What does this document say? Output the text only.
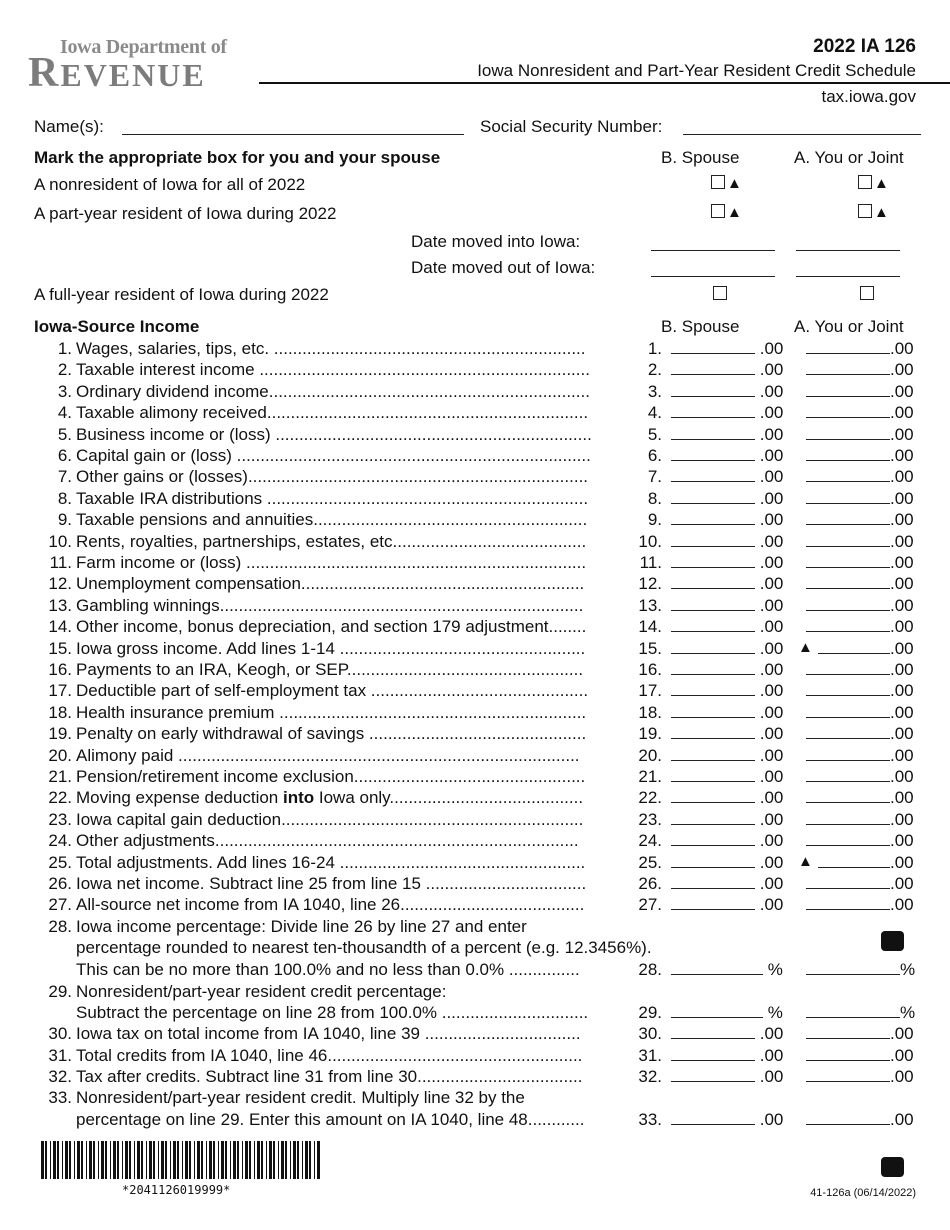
Iowa Department of
REVENUE
2022 IA 126
Iowa Nonresident and Part-Year Resident Credit Schedule
tax.iowa.gov
Name(s):	Social Security Number:
Mark the appropriate box for you and your spouse	B. Spouse	A. You or Joint
A nonresident of Iowa for all of 2022	▲	▲
A part-year resident of Iowa during 2022	▲	▲
Date moved into Iowa:
Date moved out of Iowa:
A full-year resident of Iowa during 2022
Iowa-Source Income	B. Spouse	A. You or Joint
1. Wages, salaries, tips, etc. ..................................................................	1.	.00	.00
2. Taxable interest income ......................................................................	2.	.00	.00
3. Ordinary dividend income....................................................................	3.	.00	.00
4. Taxable alimony received....................................................................	4.	.00	.00
5. Business income or (loss) ...................................................................	5.	.00	.00
6. Capital gain or (loss) ...........................................................................	6.	.00	.00
7. Other gains or (losses)........................................................................	7.	.00	.00
8. Taxable IRA distributions ....................................................................	8.	.00	.00
9. Taxable pensions and annuities..........................................................	9.	.00	.00
10. Rents, royalties, partnerships, estates, etc.........................................	10.	.00	.00
11. Farm income or (loss) ........................................................................	11.	.00	.00
12. Unemployment compensation............................................................	12.	.00	.00
13. Gambling winnings.............................................................................	13.	.00	.00
14. Other income, bonus depreciation, and section 179 adjustment........	14.	.00	.00
15. Iowa gross income. Add lines 1-14 ....................................................	15.	.00	.00
▲
16. Payments to an IRA, Keogh, or SEP..................................................	16.	.00	.00
17. Deductible part of self-employment tax ..............................................	17.	.00	.00
18. Health insurance premium .................................................................	18.	.00	.00
19. Penalty on early withdrawal of savings ..............................................	19.	.00	.00
20. Alimony paid .....................................................................................	20.	.00	.00
21. Pension/retirement income exclusion.................................................	21.	.00	.00
22. Moving expense deduction into Iowa only.........................................	22.	.00	.00
23. Iowa capital gain deduction................................................................	23.	.00	.00
24. Other adjustments.............................................................................	24.	.00	.00
25. Total adjustments. Add lines 16-24 ....................................................	25.	.00	.00
▲
26. Iowa net income. Subtract line 25 from line 15 ..................................	26.	.00	.00
27. All-source net income from IA 1040, line 26.......................................	27.	.00	.00
28. Iowa income percentage: Divide line 26 by line 27 and enter
percentage rounded to nearest ten-thousandth of a percent (e.g. 12.3456%).
This can be no more than 100.0% and no less than 0.0% ...............	28.	%	%
29. Nonresident/part-year resident credit percentage:
Subtract the percentage on line 28 from 100.0% ...............................	29.	%	%
30. Iowa tax on total income from IA 1040, line 39 .................................	30.	.00	.00
31. Total credits from IA 1040, line 46......................................................	31.	.00	.00
32. Tax after credits. Subtract line 31 from line 30...................................	32.	.00	.00
33. Nonresident/part-year resident credit. Multiply line 32 by the
percentage on line 29. Enter this amount on IA 1040, line 48............	33.	.00	.00
*2041126019999*	41-126a (06/14/2022)
